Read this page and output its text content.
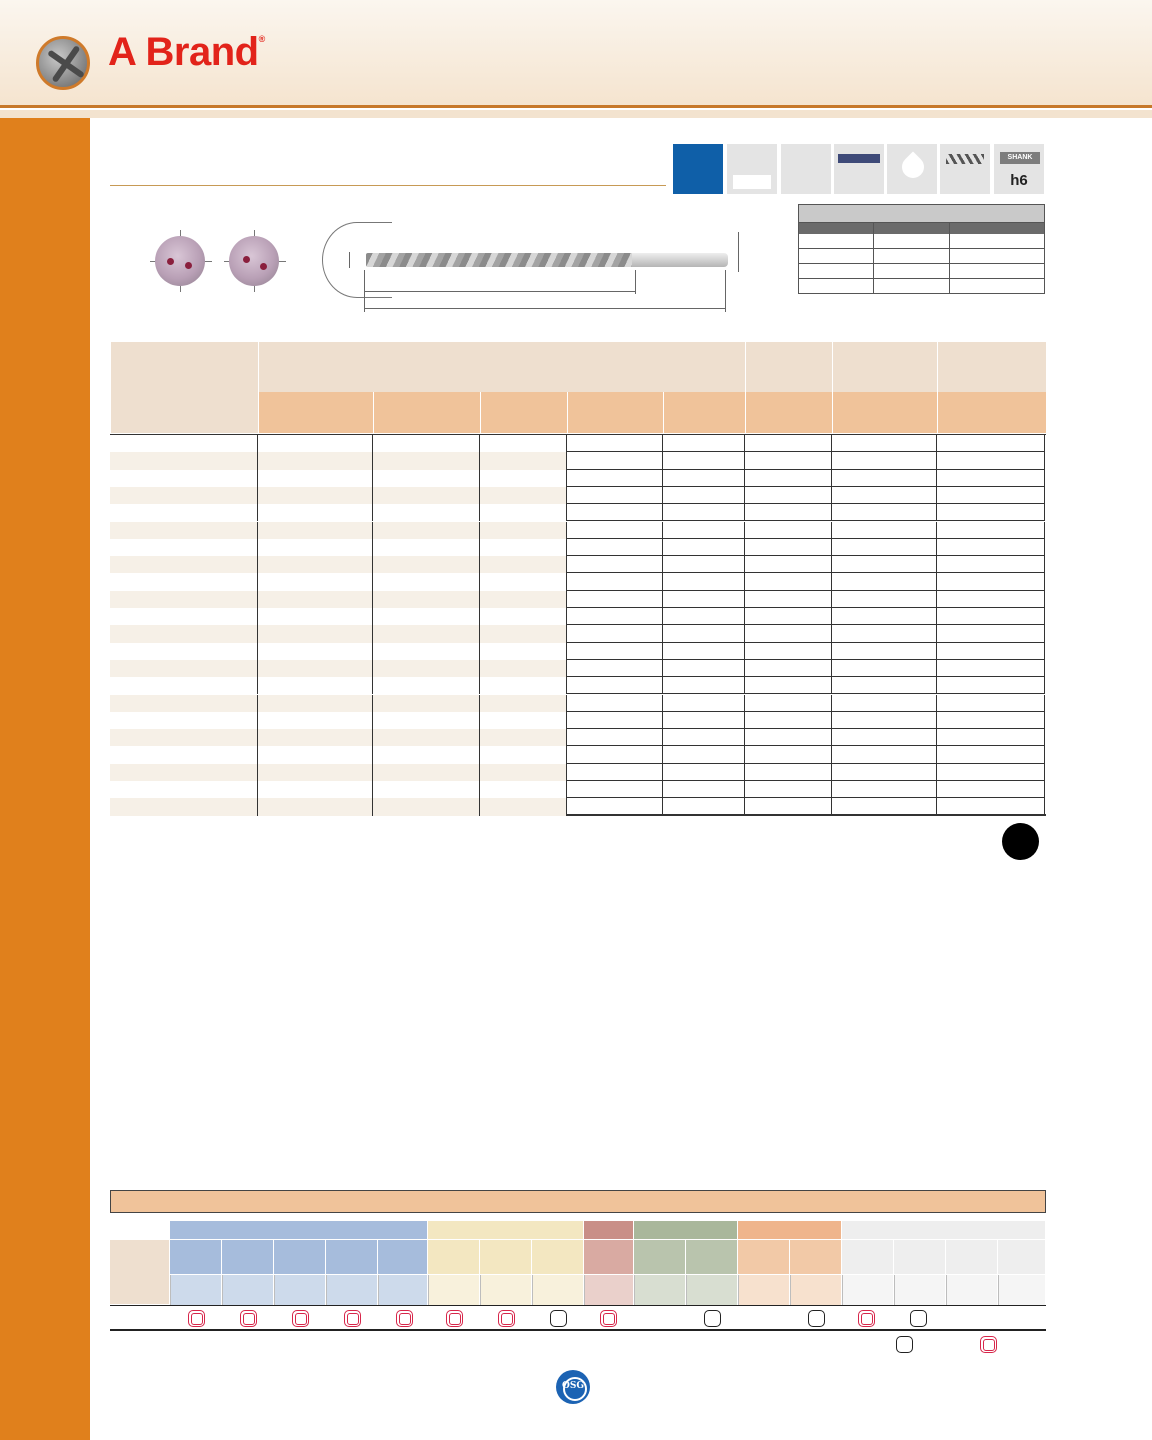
A Brand®
SHANK
h6

OSG
